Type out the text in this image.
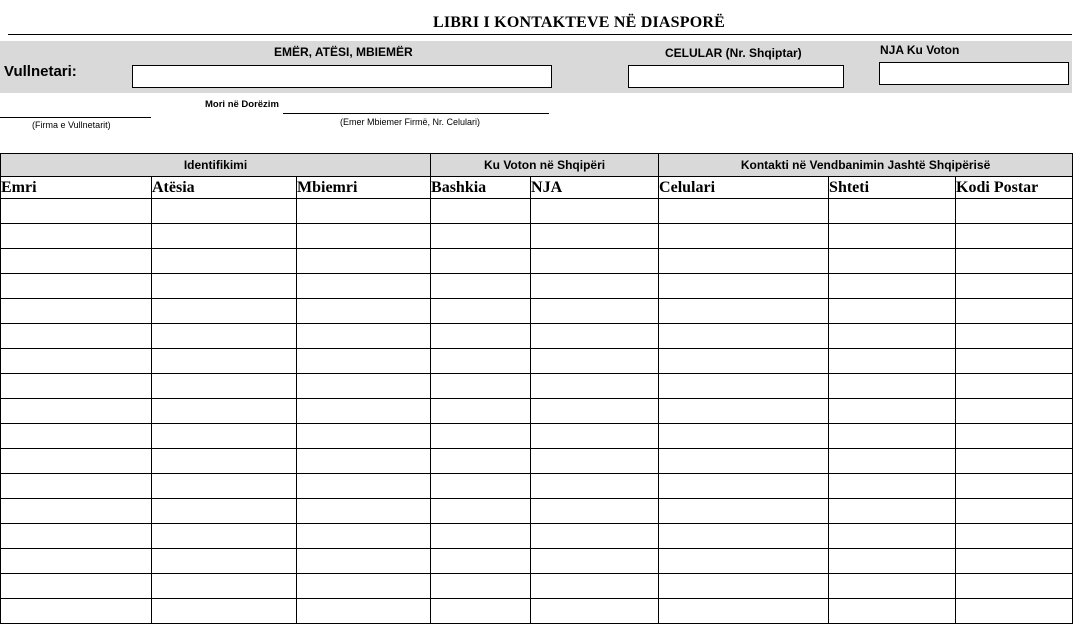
LIBRI I KONTAKTEVE NË DIASPORË
EMËR, ATËSI, MBIEMËR	CELULAR (Nr. Shqiptar)	NJA Ku Voton
Vullnetari:
(Firma e Vullnetarit)
Mori në Dorëzim
(Emer Mbiemer Firmë, Nr. Celulari)
Identifikimi			Ku Voton në Shqipëri		Kontakti në Vendbanimin Jashtë Shqipërisë		
Emri	Atësia	Mbiemri	Bashkia	NJA	Celulari	Shteti	Kodi Postar
